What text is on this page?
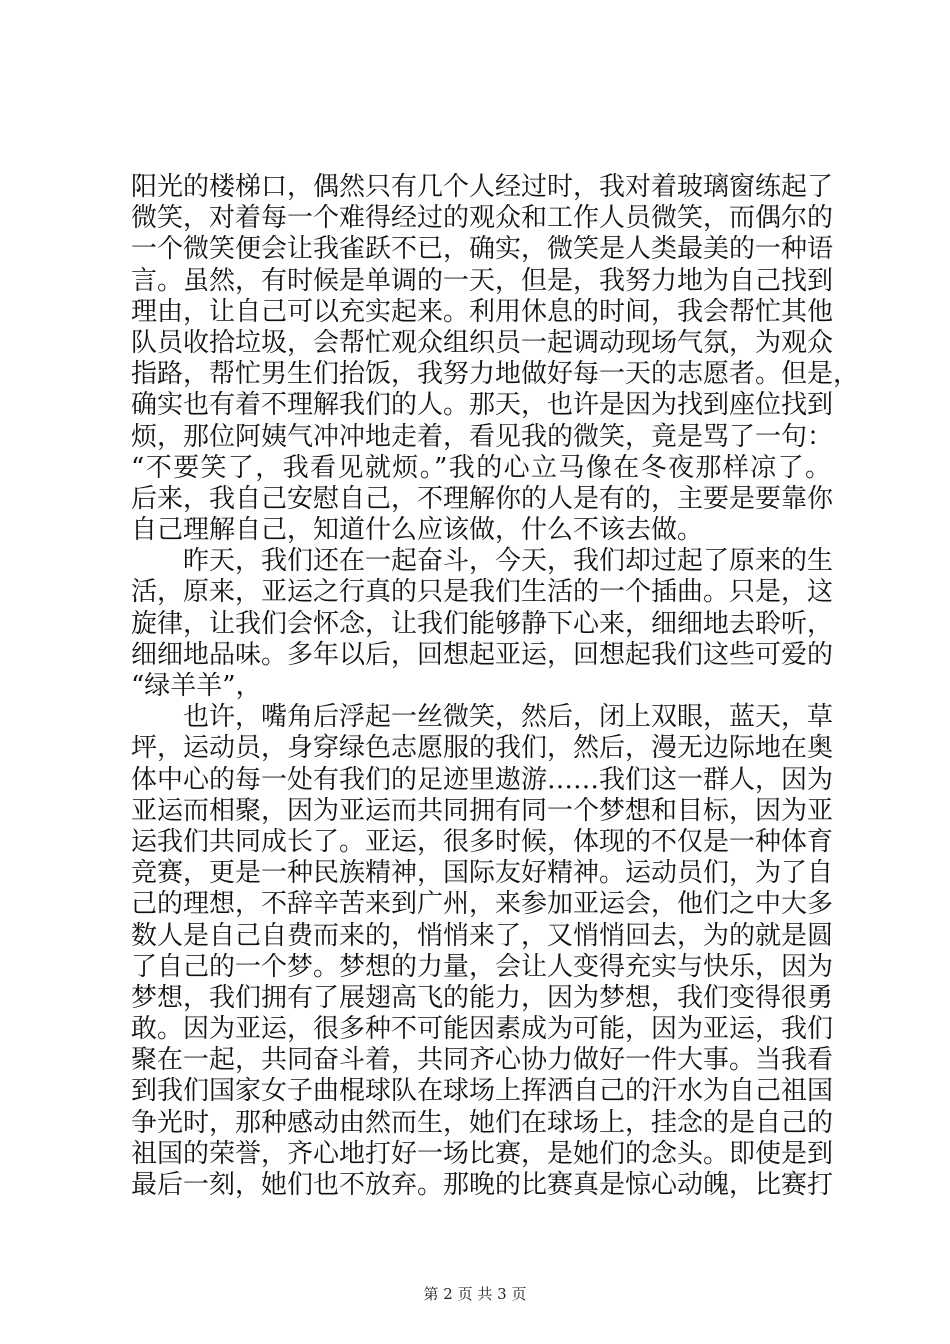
阳光的楼梯口，偶然只有几个人经过时，我对着玻璃窗练起了
微笑，对着每一个难得经过的观众和工作人员微笑，而偶尔的
一个微笑便会让我雀跃不已，确实，微笑是人类最美的一种语
言。虽然，有时候是单调的一天，但是，我努力地为自己找到
理由，让自己可以充实起来。利用休息的时间，我会帮忙其他
队员收拾垃圾，会帮忙观众组织员一起调动现场气氛，为观众
指路，帮忙男生们抬饭，我努力地做好每一天的志愿者。但是，
确实也有着不理解我们的人。那天，也许是因为找到座位找到
烦，那位阿姨气冲冲地走着，看见我的微笑，竟是骂了一句：
“不要笑了，我看见就烦。”我的心立马像在冬夜那样凉了。
后来，我自己安慰自己，不理解你的人是有的，主要是要靠你
自己理解自己，知道什么应该做，什么不该去做。
　　昨天，我们还在一起奋斗，今天，我们却过起了原来的生
活，原来，亚运之行真的只是我们生活的一个插曲。只是，这
旋律，让我们会怀念，让我们能够静下心来，细细地去聆听，
细细地品味。多年以后，回想起亚运，回想起我们这些可爱的
“绿羊羊”，
　　也许，嘴角后浮起一丝微笑，然后，闭上双眼，蓝天，草
坪，运动员，身穿绿色志愿服的我们，然后，漫无边际地在奥
体中心的每一处有我们的足迹里遨游……我们这一群人，因为
亚运而相聚，因为亚运而共同拥有同一个梦想和目标，因为亚
运我们共同成长了。亚运，很多时候，体现的不仅是一种体育
竞赛，更是一种民族精神，国际友好精神。运动员们，为了自
己的理想，不辞辛苦来到广州，来参加亚运会，他们之中大多
数人是自己自费而来的，悄悄来了，又悄悄回去，为的就是圆
了自己的一个梦。梦想的力量，会让人变得充实与快乐，因为
梦想，我们拥有了展翅高飞的能力，因为梦想，我们变得很勇
敢。因为亚运，很多种不可能因素成为可能，因为亚运，我们
聚在一起，共同奋斗着，共同齐心协力做好一件大事。当我看
到我们国家女子曲棍球队在球场上挥洒自己的汗水为自己祖国
争光时，那种感动由然而生，她们在球场上，挂念的是自己的
祖国的荣誉，齐心地打好一场比赛，是她们的念头。即使是到
最后一刻，她们也不放弃。那晚的比赛真是惊心动魄，比赛打
第 2 页 共 3 页
